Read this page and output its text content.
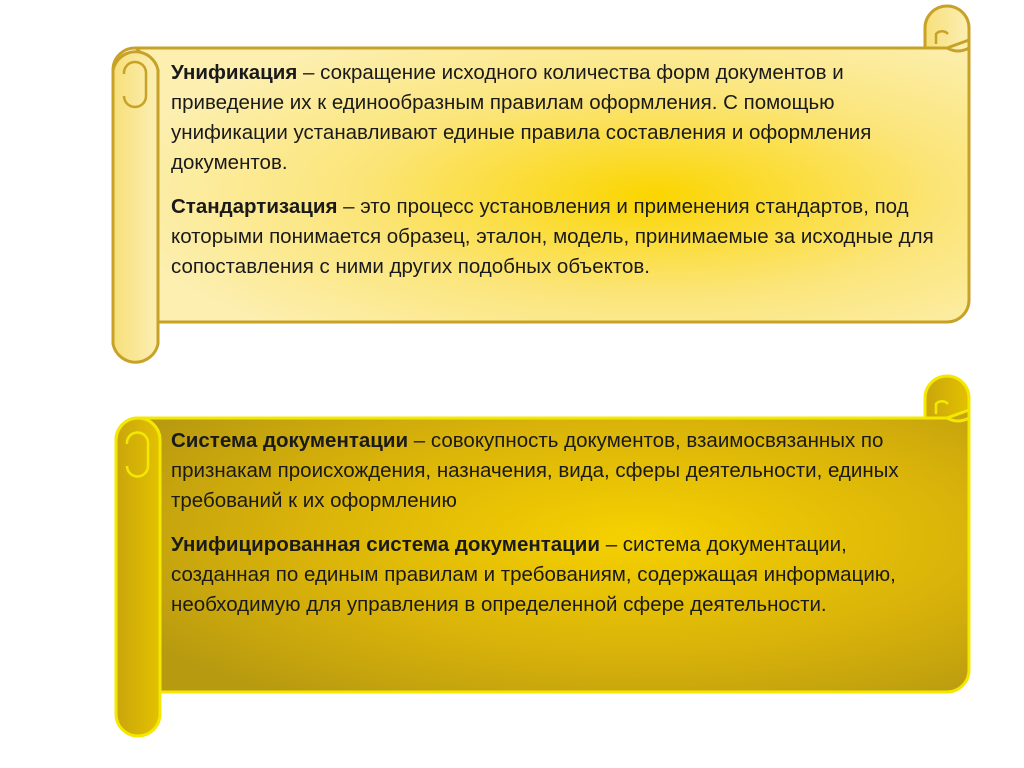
Унификация – сокращение исходного количества форм документов и приведение их к единообразным правилам оформления. С помощью унификации устанавливают единые правила составления и оформления документов.

Стандартизация – это процесс установления и применения стандартов, под которыми понимается образец, эталон, модель, принимаемые за исходные для сопоставления с ними других подобных объектов.

Система документации – совокупность документов, взаимосвязанных по признакам происхождения, назначения, вида, сферы деятельности, единых требований к их оформлению

Унифицированная система документации – система документации, созданная по единым правилам и требованиям, содержащая информацию, необходимую для управления в определенной сфере деятельности.
